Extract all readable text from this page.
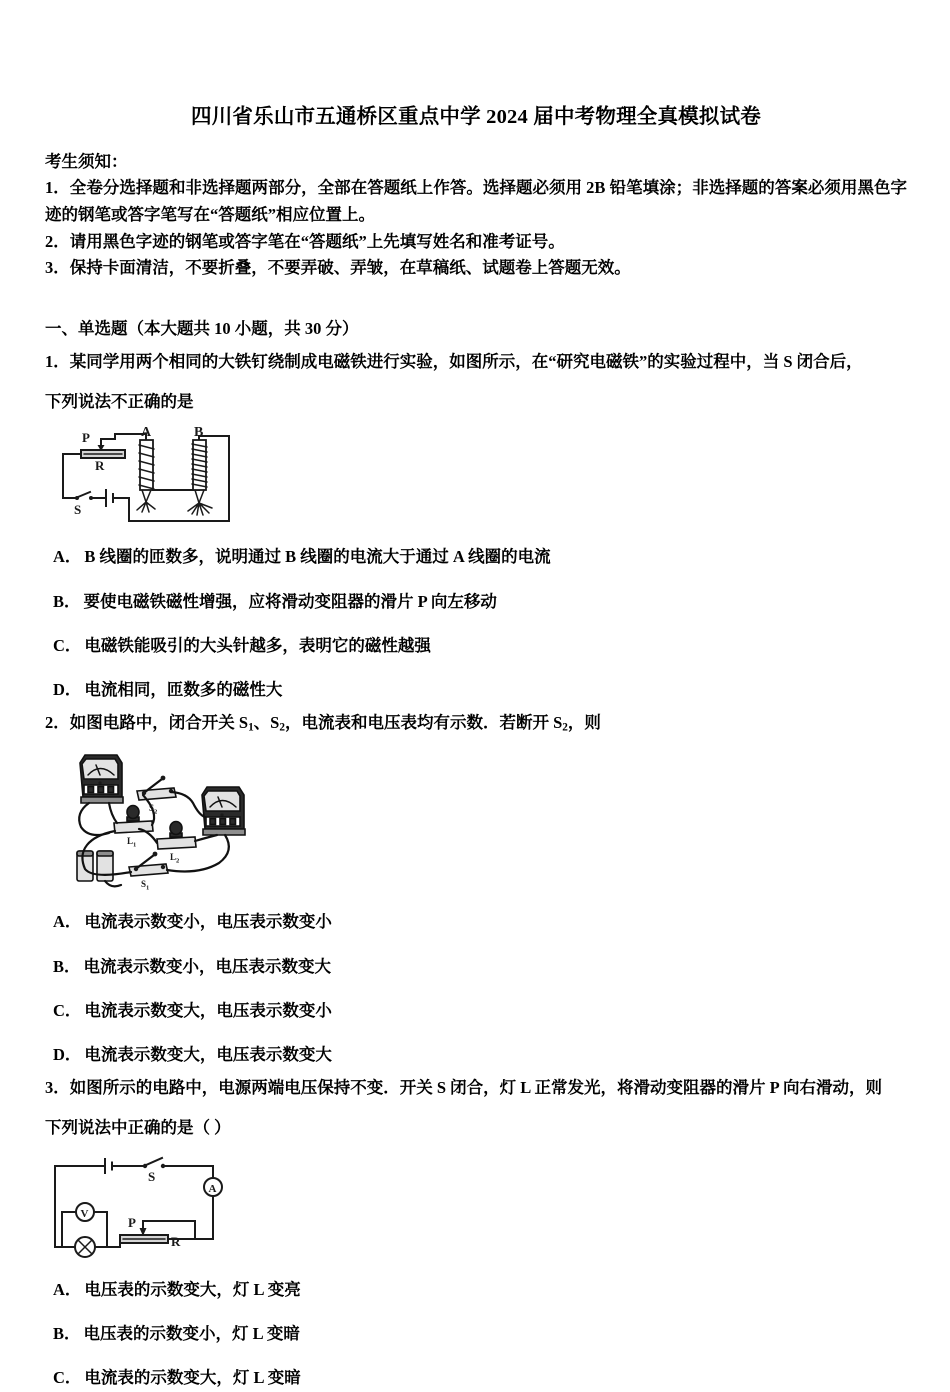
四川省乐山市五通桥区重点中学 2024 届中考物理全真模拟试卷

考生须知：

1．全卷分选择题和非选择题两部分，全部在答题纸上作答。选择题必须用 2B 铅笔填涂；非选择题的答案必须用黑色字迹的钢笔或答字笔写在“答题纸”相应位置上。

2．请用黑色字迹的钢笔或答字笔在“答题纸”上先填写姓名和准考证号。

3．保持卡面清洁，不要折叠，不要弄破、弄皱，在草稿纸、试题卷上答题无效。

一、单选题（本大题共 10 小题，共 30 分）

1．某同学用两个相同的大铁钉绕制成电磁铁进行实验，如图所示，在“研究电磁铁”的实验过程中，当 S 闭合后，

下列说法不正确的是

P
R
S
A	B

A． B 线圈的匝数多，说明通过 B 线圈的电流大于通过 A 线圈的电流

B． 要使电磁铁磁性增强，应将滑动变阻器的滑片 P 向左移动

C． 电磁铁能吸引的大头针越多，表明它的磁性越强

D． 电流相同，匝数多的磁性大

2．如图电路中，闭合开关 $S_1$、$S_2$，电流表和电压表均有示数．若断开 $S_2$，则

$S_2$
$S_1$
$L_1$
$L_2$

A． 电流表示数变小，电压表示数变小

B． 电流表示数变小，电压表示数变大

C． 电流表示数变大，电压表示数变小

D． 电流表示数变大，电压表示数变大

3．如图所示的电路中，电源两端电压保持不变．开关 S 闭合，灯 L 正常发光，将滑动变阻器的滑片 P 向右滑动，则

下列说法中正确的是（ ）

S
A
P
R
V

A． 电压表的示数变大，灯 L 变亮

B． 电压表的示数变小，灯 L 变暗

C． 电流表的示数变大，灯 L 变暗
